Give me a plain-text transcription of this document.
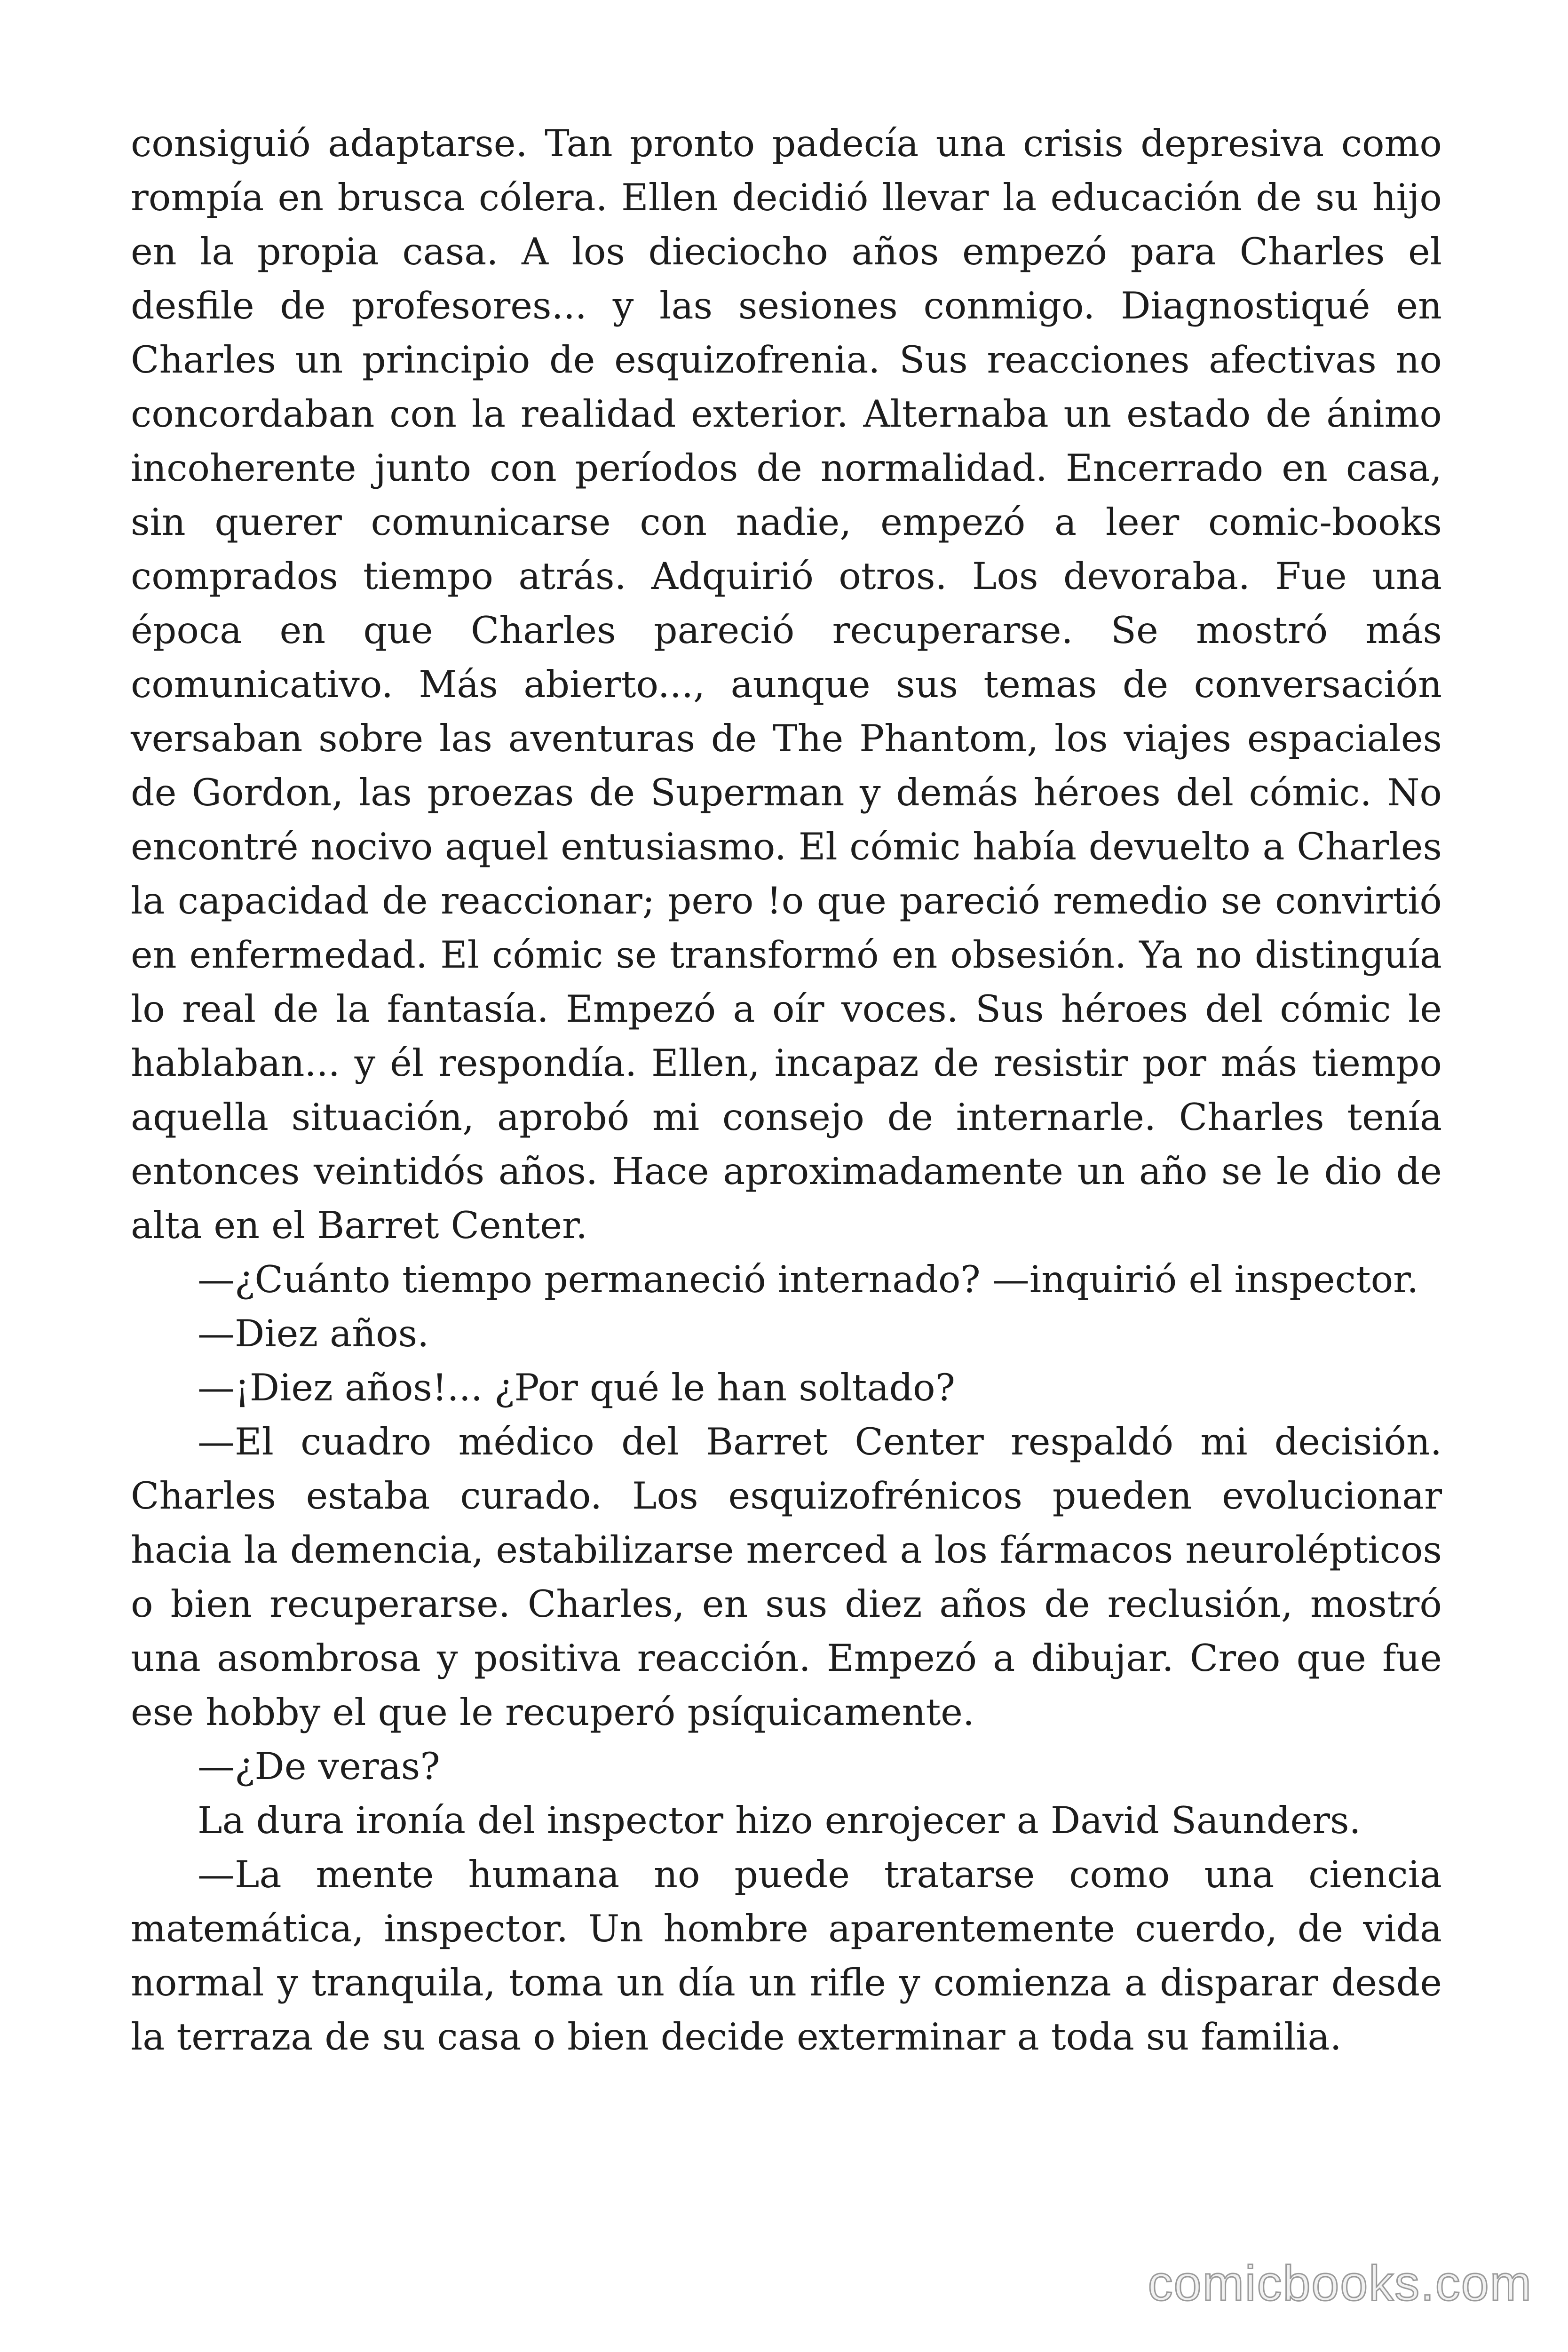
consiguió adaptarse. Tan pronto padecía una crisis depresiva como rompía en brusca cólera. Ellen decidió llevar la educación de su hijo en la propia casa. A los dieciocho años empezó para Charles el desfile de profesores... y las sesiones conmigo. Diagnostiqué en Charles un principio de esquizofrenia. Sus reacciones afectivas no concordaban con la realidad exterior. Alternaba un estado de ánimo incoherente junto con períodos de normalidad. Encerrado en casa, sin querer comunicarse con nadie, empezó a leer comic-books comprados tiempo atrás. Adquirió otros. Los devoraba. Fue una época en que Charles pareció recuperarse. Se mostró más comunicativo. Más abierto..., aunque sus temas de conversación versaban sobre las aventuras de The Phantom, los viajes espaciales de Gordon, las proezas de Superman y demás héroes del cómic. No encontré nocivo aquel entusiasmo. El cómic había devuelto a Charles la capacidad de reaccionar; pero !o que pareció remedio se convirtió en enfermedad. El cómic se transformó en obsesión. Ya no distinguía lo real de la fantasía. Empezó a oír voces. Sus héroes del cómic le hablaban... y él respondía. Ellen, incapaz de resistir por más tiempo aquella situación, aprobó mi consejo de internarle. Charles tenía entonces veintidós años. Hace aproximadamente un año se le dio de alta en el Barret Center.

—¿Cuánto tiempo permaneció internado? —inquirió el inspector.

—Diez años.

—¡Diez años!... ¿Por qué le han soltado?

—El cuadro médico del Barret Center respaldó mi decisión. Charles estaba curado. Los esquizofrénicos pueden evolucionar hacia la demencia, estabilizarse merced a los fármacos neurolépticos o bien recuperarse. Charles, en sus diez años de reclusión, mostró una asombrosa y positiva reacción. Empezó a dibujar. Creo que fue ese hobby el que le recuperó psíquicamente.

—¿De veras?

La dura ironía del inspector hizo enrojecer a David Saunders.

—La mente humana no puede tratarse como una ciencia matemática, inspector. Un hombre aparentemente cuerdo, de vida normal y tranquila, toma un día un rifle y comienza a disparar desde la terraza de su casa o bien decide exterminar a toda su familia.

comicbooks.com
